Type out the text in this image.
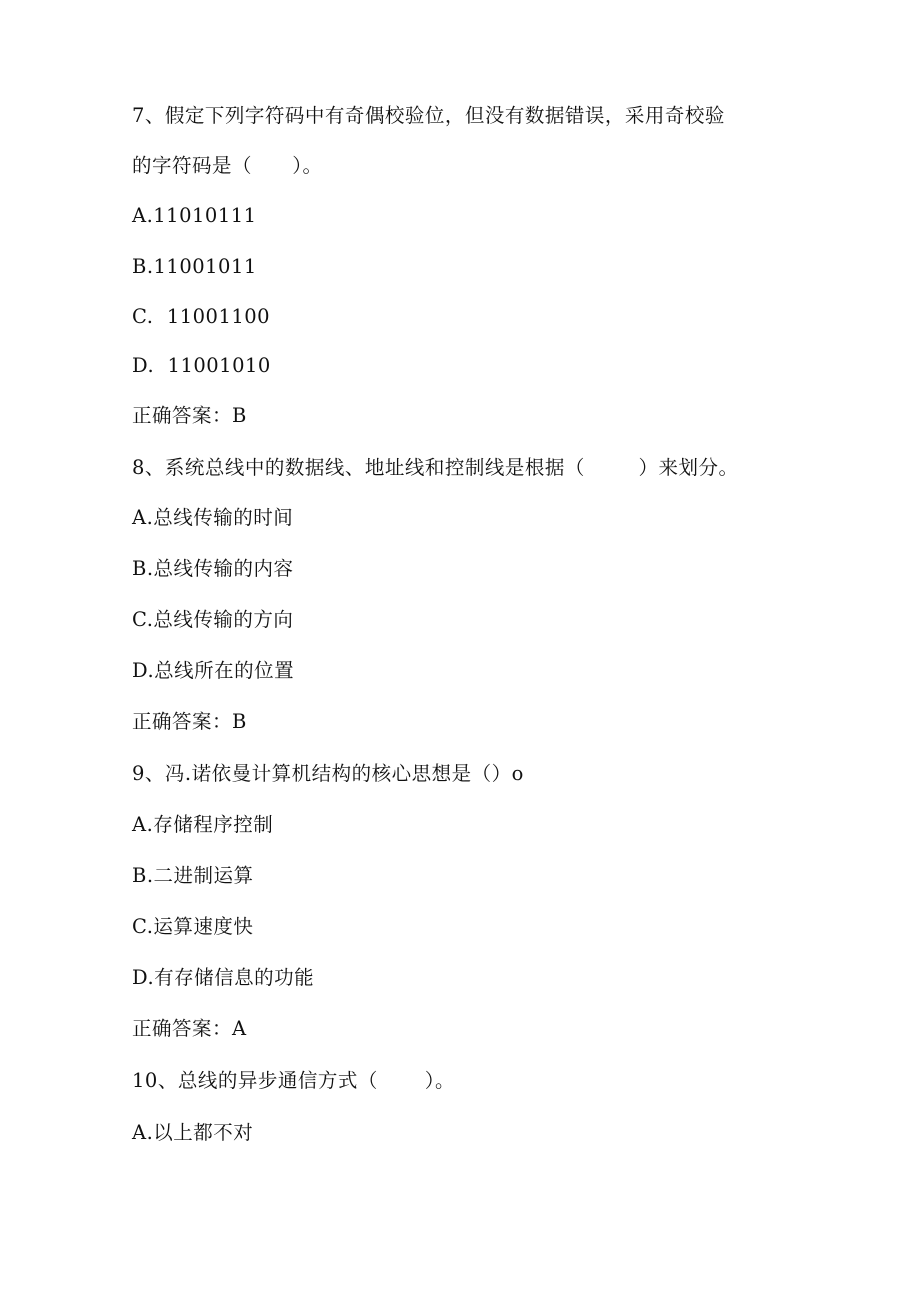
7、假定下列字符码中有奇偶校验位，但没有数据错误，采用奇校验
的字符码是（      ）。
A.11010111
B.11001011
C.  11001100
D.  11001010
正确答案：B
8、系统总线中的数据线、地址线和控制线是根据（        ）来划分。
A.总线传输的时间
B.总线传输的内容
C.总线传输的方向
D.总线所在的位置
正确答案：B
9、冯.诺依曼计算机结构的核心思想是（）o
A.存储程序控制
B.二进制运算
C.运算速度快
D.有存储信息的功能
正确答案：A
10、总线的异步通信方式（       ）。
A.以上都不对
